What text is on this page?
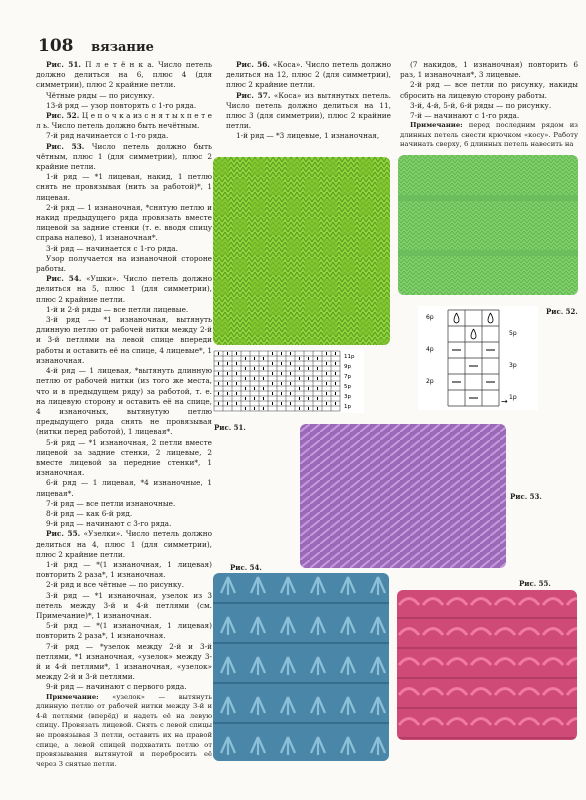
108 вязание

Рис. 51. П л е т ё н к а. Число петель должно делиться на 6, плюс 4 (для симметрии), плюс 2 крайние петли.

Чётные ряды — по рисунку.

13-й ряд — узор повторять с 1-го ряда.

Рис. 52. Ц е п о ч к а из с н я т ы х п е т е л ь. Число петель должно быть нечётным.

7-й ряд начинается с 1-го ряда.

Рис. 53. Число петель должно быть чётным, плюс 1 (для симметрии), плюс 2 крайние петли.

1-й ряд — *1 лицевая, накид, 1 петлю снять не провязывая (нить за работой)*, 1 лицевая.

2-й ряд — 1 изнаночная, *снятую петлю и накид предыдущего ряда провязать вместе лицевой за задние стенки (т. е. вводя спицу справа налево), 1 изнаночная*.

3-й ряд — начинается с 1-го ряда.

Узор получается на изнаночной стороне работы.

Рис. 54. «Ушки». Число петель должно делиться на 5, плюс 1 (для симметрии), плюс 2 крайние петли.

1-й и 2-й ряды — все петли лицевые.

3-й ряд — *1 изнаночная, вытянуть длинную петлю от рабочей нитки между 2-й и 3-й петлями на левой спице впереди работы и оставить её на спице, 4 лицевые*, 1 изнаночная.

4-й ряд — 1 лицевая, *вытянуть длинную петлю от рабочей нитки (из того же места, что и в предыдущем ряду) за работой, т. е. на лицевую сторону и оставить её на спице, 4 изнаночных, вытянутую петлю предыдущего ряда снять не провязывая (нитки перед работой), 1 лицевая*.

5-й ряд — *1 изнаночная, 2 петли вместе лицевой за задние стенки, 2 лицевые, 2 вместе лицевой за передние стенки*, 1 изнаночная.

6-й ряд — 1 лицевая, *4 изнаночные, 1 лицевая*.

7-й ряд — все петли изнаночные.

8-й ряд — как 6-й ряд.

9-й ряд — начинают с 3-го ряда.

Рис. 55. «Узелки». Число петель должно делиться на 4, плюс 1 (для симметрии), плюс 2 крайние петли.

1-й ряд — *(1 изнаночная, 1 лицевая) повторить 2 раза*, 1 изнаночная.

2-й ряд и все чётные — по рисунку.

3-й ряд — *1 изнаночная, узелок из 3 петель между 3-й и 4-й петлями (см. Примечание)*, 1 изнаночная.

5-й ряд — *(1 изнаночная, 1 лицевая) повторить 2 раза*, 1 изнаночная.

7-й ряд — *узелок между 2-й и 3-й петлями, *1 изнаночная, «узелок» между 3-й и 4-й петлями*, 1 изнаночная, «узелок» между 2-й и 3-й петлями.

9-й ряд — начинают с первого ряда.

Примечание: «узелок» — вытянуть длинную петлю от рабочей нитки между 3-й и 4-й петлями (вперёд) и надеть её на левую спицу. Провязать лицевой. Снять с левой спицы не провязывая 3 петли, оставить их на правой спице, а левой спицей подхватить петлю от провязывания вытянутой и перебросить её через 3 снятые петли.

Рис. 56. «Коса». Число петель должно делиться на 12, плюс 2 (для симметрии), плюс 2 крайние петли.

Рис. 57. «Коса» из вытянутых петель. Число петель должно делиться на 11, плюс 3 (для симметрии), плюс 2 крайние петли.

1-й ряд — *3 лицевые, 1 изнаночная,

(7 накидов, 1 изнаночная) повторить 6 раз, 1 изнаночная*, 3 лицевые.

2-й ряд — все петли по рисунку, накиды сбросить на лицевую сторону работы.

3-й, 4-й, 5-й, 6-й ряды — по рисунку.

7-й — начинают с 1-го ряда.

Примечание: перед последним рядом из длинных петель снести крючком «косу». Работу начинать сверху, 6 длинных петель навесить на

11p
9p
7p
5p
3p
1p
6p
4p
2p
5p
3p
1p
→
Рис. 51.
Рис. 52.
Рис. 53.
Рис. 54.
Рис. 55.
